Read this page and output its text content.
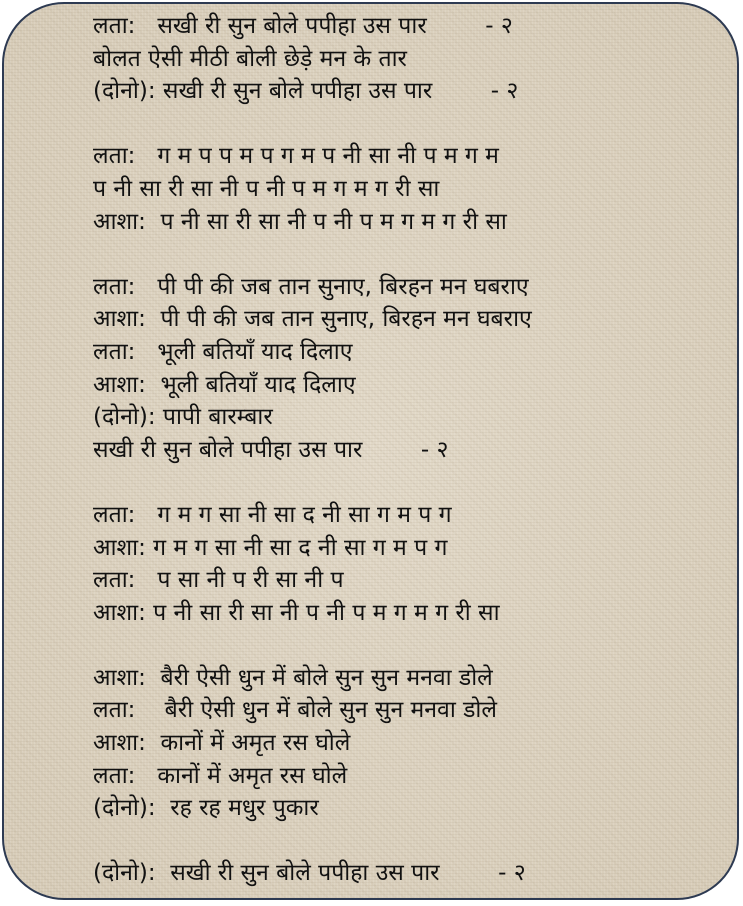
लता:   सखी री सुन बोले पपीहा उस पार        - २
बोलत ऐसी मीठी बोली छेड़े मन के तार
(दोनो): सखी री सुन बोले पपीहा उस पार        - २
लता:   ग म प प म प ग म प नी सा नी प म ग म
प नी सा री सा नी प नी प म ग म ग री सा
आशा:  प नी सा री सा नी प नी प म ग म ग री सा
लता:   पी पी की जब तान सुनाए, बिरहन मन घबराए
आशा:  पी पी की जब तान सुनाए, बिरहन मन घबराए
लता:   भूली बतियाँ याद दिलाए
आशा:  भूली बतियाँ याद दिलाए
(दोनो): पापी बारम्बार
सखी री सुन बोले पपीहा उस पार        - २
लता:   ग म ग सा नी सा द नी सा ग म प ग
आशा: ग म ग सा नी सा द नी सा ग म प ग
लता:   प सा नी प री सा नी प
आशा: प नी सा री सा नी प नी प म ग म ग री सा
आशा:  बैरी ऐसी धुन में बोले सुन सुन मनवा डोले
लता:    बैरी ऐसी धुन में बोले सुन सुन मनवा डोले
आशा:  कानों में अमृत रस घोले
लता:   कानों में अमृत रस घोले
(दोनो):  रह रह मधुर पुकार
(दोनो):  सखी री सुन बोले पपीहा उस पार        - २
